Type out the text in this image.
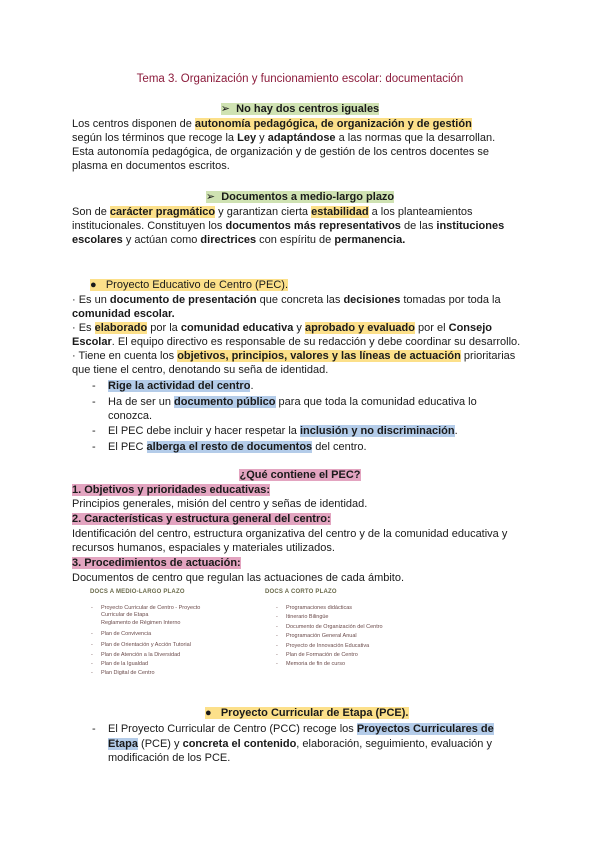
Tema 3. Organización y funcionamiento escolar: documentación
➢ No hay dos centros iguales
Los centros disponen de autonomía pedagógica, de organización y de gestión
según los términos que recoge la Ley y adaptándose a las normas que la desarrollan.
Esta autonomía pedagógica, de organización y de gestión de los centros docentes se
plasma en documentos escritos.
➢ Documentos a medio-largo plazo
Son de carácter pragmático y garantizan cierta estabilidad a los planteamientos
institucionales. Constituyen los documentos más representativos de las instituciones
escolares y actúan como directrices con espíritu de permanencia.
● Proyecto Educativo de Centro (PEC).
· Es un documento de presentación que concreta las decisiones tomadas por toda la
comunidad escolar.
· Es elaborado por la comunidad educativa y aprobado y evaluado por el Consejo
Escolar. El equipo directivo es responsable de su redacción y debe coordinar su desarrollo.
· Tiene en cuenta los objetivos, principios, valores y las líneas de actuación prioritarias
que tiene el centro, denotando su seña de identidad.
- Rige la actividad del centro.
- Ha de ser un documento público para que toda la comunidad educativa lo
conozca.
- El PEC debe incluir y hacer respetar la inclusión y no discriminación.
- El PEC alberga el resto de documentos del centro.
¿Qué contiene el PEC?
1. Objetivos y prioridades educativas:
Principios generales, misión del centro y señas de identidad.
2. Características y estructura general del centro:
Identificación del centro, estructura organizativa del centro y de la comunidad educativa y
recursos humanos, espaciales y materiales utilizados.
3. Procedimientos de actuación:
Documentos de centro que regulan las actuaciones de cada ámbito.
DOCS A MEDIO-LARGO PLAZO	DOCS A CORTO PLAZO
- Proyecto Curricular de Centro - Proyecto
Curricular de Etapa
Reglamento de Régimen Interno
- Plan de Convivencia
- Plan de Orientación y Acción Tutorial
- Plan de Atención a la Diversidad
- Plan de la Igualdad
- Plan Digital de Centro
- Programaciones didácticas
- Itinerario Bilingüe
- Documento de Organización del Centro
- Programación General Anual
- Proyecto de Innovación Educativa
- Plan de Formación de Centro
- Memoria de fin de curso
● Proyecto Curricular de Etapa (PCE).
- El Proyecto Curricular de Centro (PCC) recoge los Proyectos Curriculares de
Etapa (PCE) y concreta el contenido, elaboración, seguimiento, evaluación y
modificación de los PCE.
